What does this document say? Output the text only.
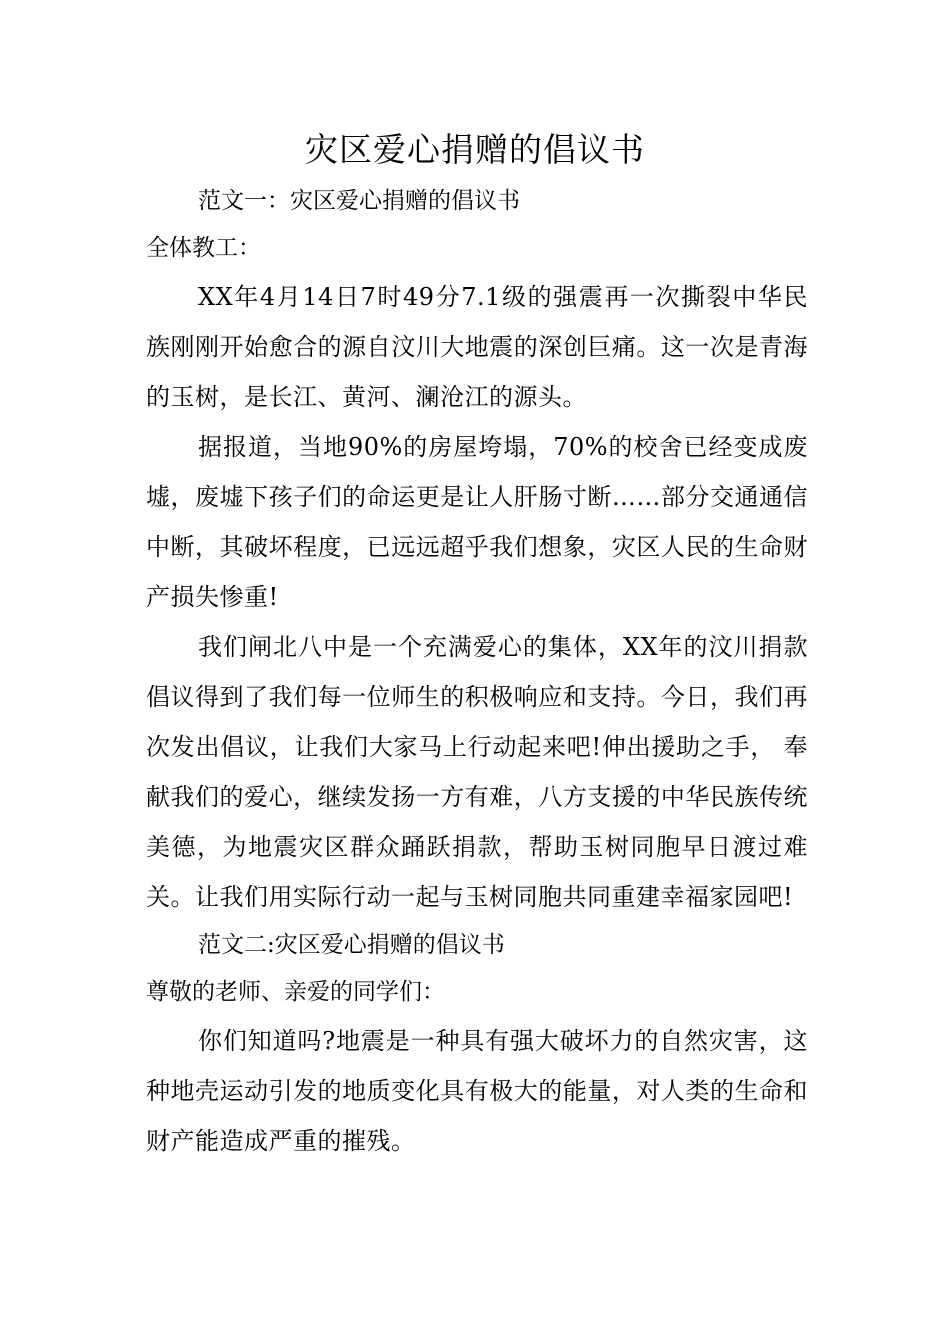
灾区爱心捐赠的倡议书

范文一：灾区爱心捐赠的倡议书

全体教工：

XX年4月14日7时49分7.1级的强震再一次撕裂中华民族刚刚开始愈合的源自汶川大地震的深创巨痛。这一次是青海的玉树，是长江、黄河、澜沧江的源头。

据报道，当地90%的房屋垮塌，70%的校舍已经变成废墟，废墟下孩子们的命运更是让人肝肠寸断……部分交通通信中断，其破坏程度，已远远超乎我们想象，灾区人民的生命财产损失惨重!

我们闸北八中是一个充满爱心的集体，XX年的汶川捐款倡议得到了我们每一位师生的积极响应和支持。今日，我们再次发出倡议，让我们大家马上行动起来吧!伸出援助之手， 奉献我们的爱心，继续发扬一方有难，八方支援的中华民族传统美德，为地震灾区群众踊跃捐款，帮助玉树同胞早日渡过难关。让我们用实际行动一起与玉树同胞共同重建幸福家园吧!

范文二:灾区爱心捐赠的倡议书

尊敬的老师、亲爱的同学们：

你们知道吗?地震是一种具有强大破坏力的自然灾害，这种地壳运动引发的地质变化具有极大的能量，对人类的生命和财产能造成严重的摧残。
